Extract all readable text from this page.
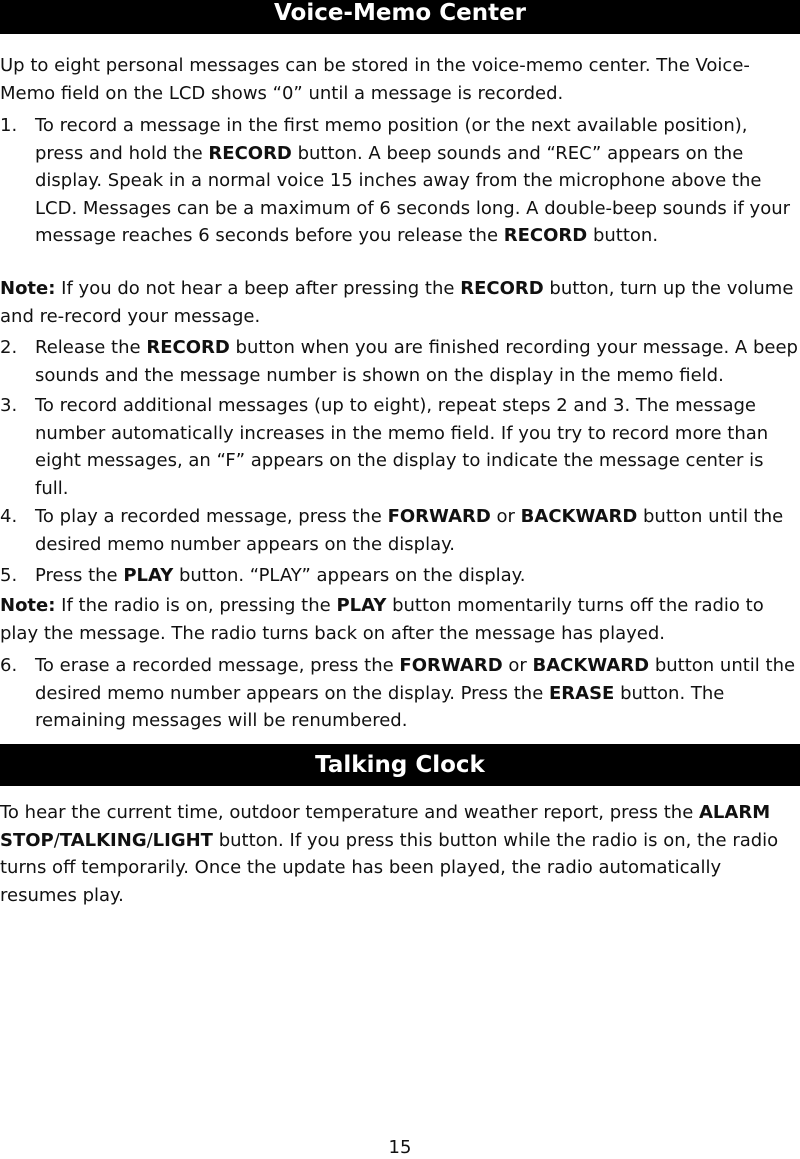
Voice-Memo Center

Up to eight personal messages can be stored in the voice-memo center. The Voice-Memo field on the LCD shows “0” until a message is recorded.

1. To record a message in the first memo position (or the next available position), press and hold the RECORD button. A beep sounds and “REC” appears on the display. Speak in a normal voice 15 inches away from the microphone above the LCD. Messages can be a maximum of 6 seconds long. A double-beep sounds if your message reaches 6 seconds before you release the RECORD button.

Note: If you do not hear a beep after pressing the RECORD button, turn up the volume and re-record your message.

2. Release the RECORD button when you are finished recording your message. A beep sounds and the message number is shown on the display in the memo field.
3. To record additional messages (up to eight), repeat steps 2 and 3. The message number automatically increases in the memo field. If you try to record more than eight messages, an “F” appears on the display to indicate the message center is full.
4. To play a recorded message, press the FORWARD or BACKWARD button until the desired memo number appears on the display.
5. Press the PLAY button. “PLAY” appears on the display.

Note: If the radio is on, pressing the PLAY button momentarily turns off the radio to play the message. The radio turns back on after the message has played.

6. To erase a recorded message, press the FORWARD or BACKWARD button until the desired memo number appears on the display. Press the ERASE button. The remaining messages will be renumbered.
Talking Clock

To hear the current time, outdoor temperature and weather report, press the ALARM STOP/TALKING/LIGHT button. If you press this button while the radio is on, the radio turns off temporarily. Once the update has been played, the radio automatically resumes play.

15
